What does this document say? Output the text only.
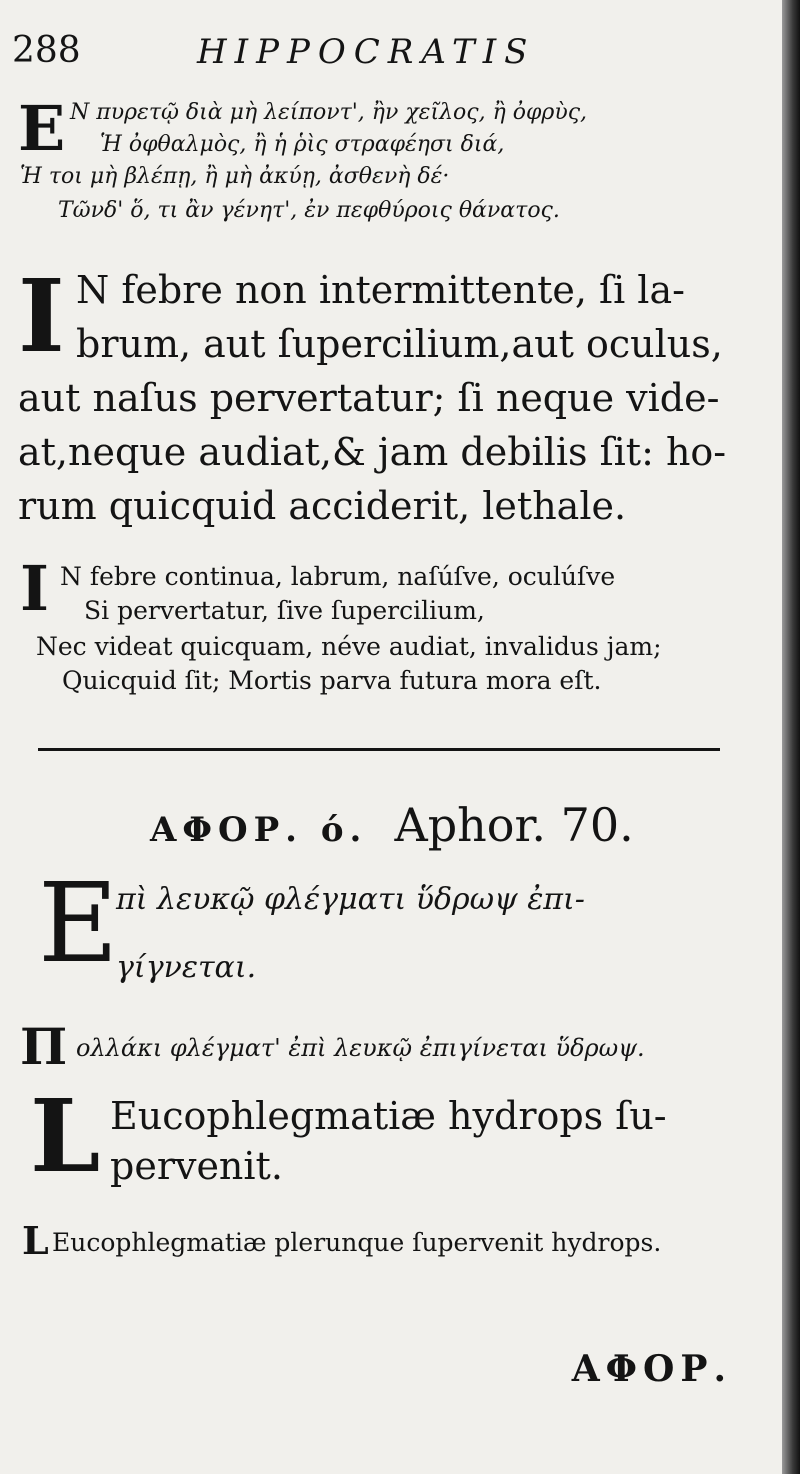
288	HIPPOCRATIS
E Ν πυρετῷ διὰ μὴ λείποντ', ἢν χεῖλος, ἢ ὀφρὺς,
Ἡ ὀφθαλμὸς, ἢ ἡ ῥὶς στραφέησι διά,
Ἡ τοι μὴ βλέπῃ, ἢ μὴ ἀκύῃ, ἀσθενὴ δέ·
Τῶνδ' ὅ, τι ἂν γένητ', ἐν πεφθύροις θάνατος.
I N febre non intermittente, ſi la-
brum, aut ſupercilium,aut oculus,
aut naſus pervertatur; ſi neque vide-
at,neque audiat,& jam debilis ſit: ho-
rum quicquid acciderit, lethale.
I N febre continua, labrum, naſúſve, oculúſve
Si pervertatur, ſive ſupercilium,
Nec videat quicquam, néve audiat, invalidus jam;
Quicquid ſit; Mortis parva futura mora eſt.
ΑΦΟΡ. ό. Aphor. 70.
E
πὶ λευκῷ φλέγματι ὕδρωψ ἐπι-
γίγνεται.
Π ολλάκι φλέγματ' ἐπὶ λευκῷ ἐπιγίνεται ὕδρωψ.
L Eucophlegmatiæ hydrops ſu-
pervenit.
L Eucophlegmatiæ plerunque ſupervenit hydrops.
ΑΦΟΡ.
